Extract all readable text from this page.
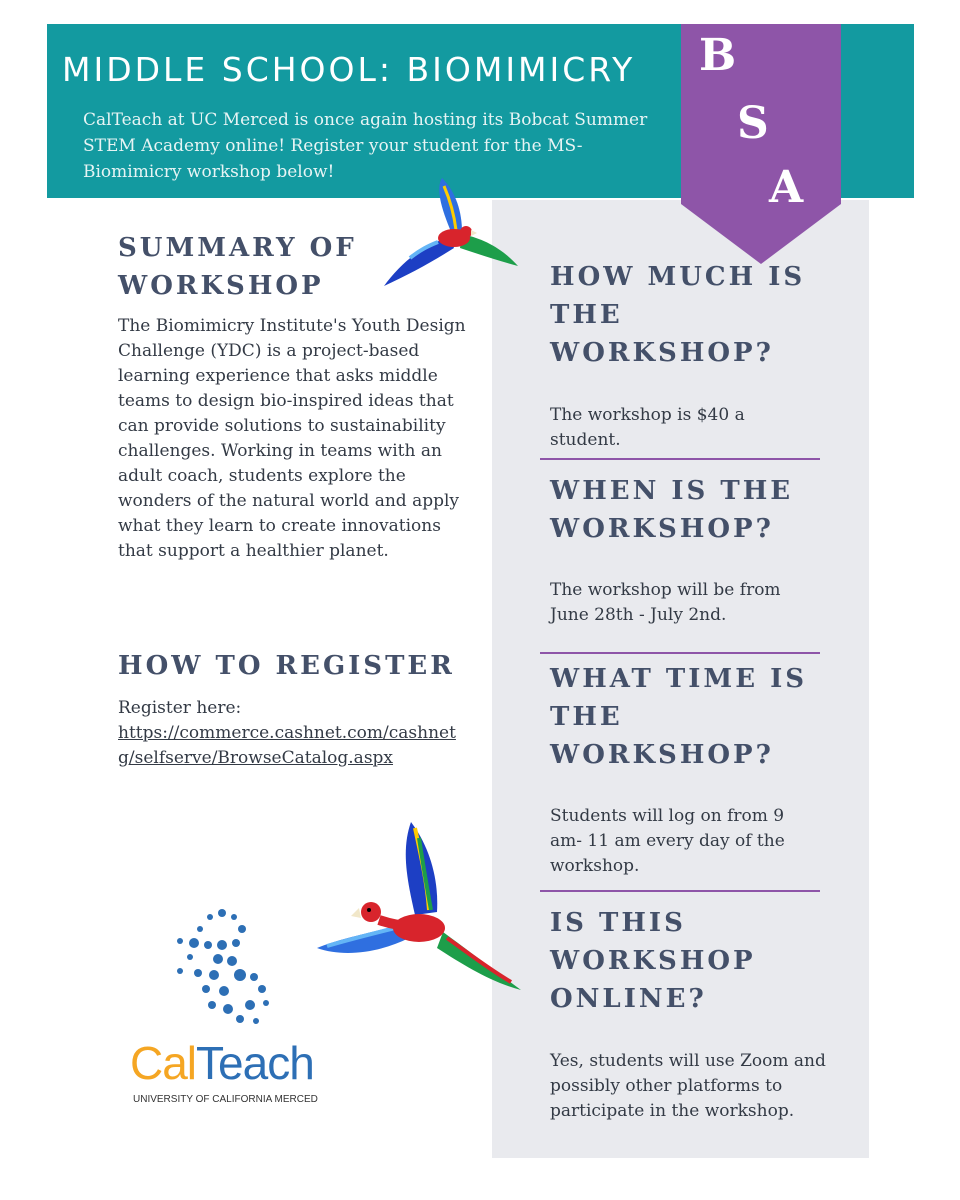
MIDDLE SCHOOL: BIOMIMICRY
CalTeach at UC Merced is once again hosting its Bobcat Summer STEM Academy online! Register your student for the MS-Biomimicry workshop below!
B
S
A
SUMMARY OF WORKSHOP
The Biomimicry Institute's Youth Design Challenge (YDC) is a project-based learning experience that asks middle teams to design bio-inspired ideas that can provide solutions to sustainability challenges. Working in teams with an adult coach, students explore the wonders of the natural world and apply what they learn to create innovations that support a healthier planet.
HOW TO REGISTER
Register here:
https://commerce.cashnet.com/cashnetg/selfserve/BrowseCatalog.aspx
HOW MUCH IS THE WORKSHOP?
The workshop is $40 a student.
WHEN IS THE WORKSHOP?
The workshop will be from June 28th - July 2nd.
WHAT TIME IS THE WORKSHOP?
Students will log on from 9 am- 11 am every day of the workshop.
IS THIS WORKSHOP ONLINE?
Yes, students will use Zoom and possibly other platforms to participate in the workshop.
CalTeach
UNIVERSITY OF CALIFORNIA MERCED
